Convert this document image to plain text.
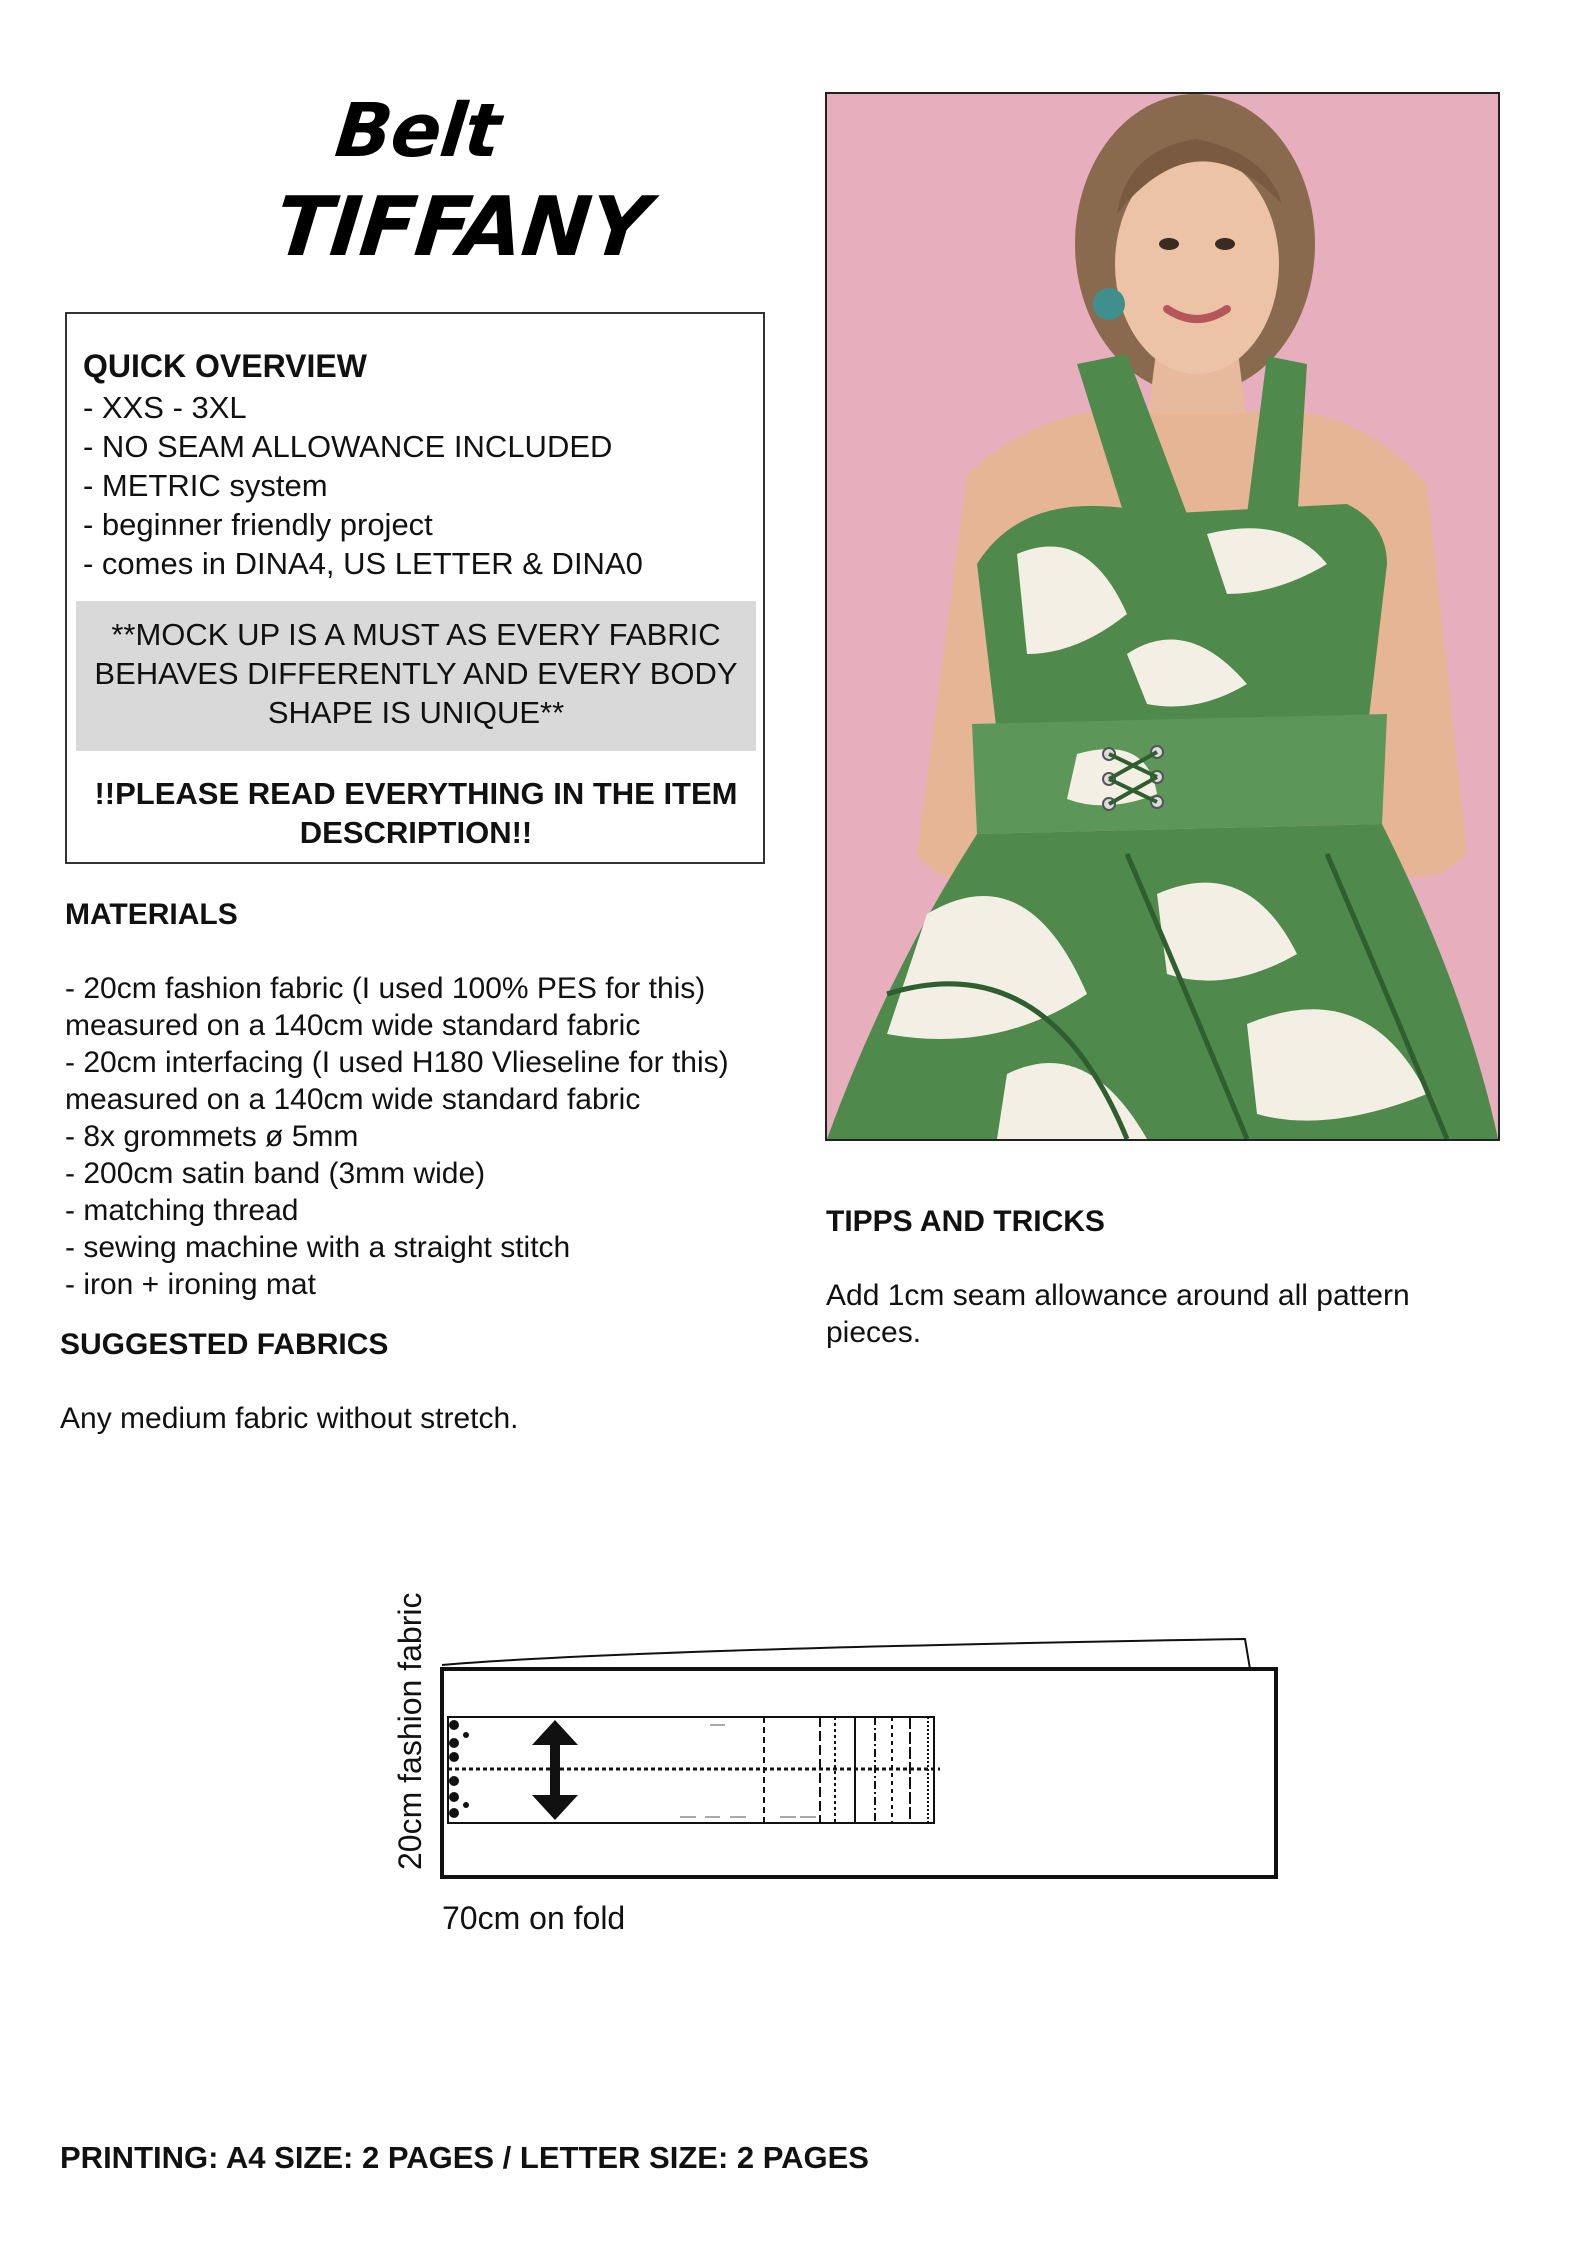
Belt
TIFFANY
QUICK OVERVIEW
- XXS - 3XL
- NO SEAM ALLOWANCE INCLUDED
- METRIC system
- beginner friendly project
- comes in DINA4, US LETTER & DINA0
**MOCK UP IS A MUST AS EVERY FABRIC BEHAVES DIFFERENTLY AND EVERY BODY SHAPE IS UNIQUE**
!!PLEASE READ EVERYTHING IN THE ITEM DESCRIPTION!!
MATERIALS
- 20cm fashion fabric (I used 100% PES for this)
measured on a 140cm wide standard fabric
- 20cm interfacing (I used H180 Vlieseline for this)
measured on a 140cm wide standard fabric
- 8x grommets ø 5mm
- 200cm satin band (3mm wide)
- matching thread
- sewing machine with a straight stitch
- iron + ironing mat
SUGGESTED FABRICS
Any medium fabric without stretch.
TIPPS AND TRICKS
Add 1cm seam allowance around all pattern
pieces.
20cm fashion fabric
70cm on fold
PRINTING: A4 SIZE: 2 PAGES / LETTER SIZE: 2 PAGES
